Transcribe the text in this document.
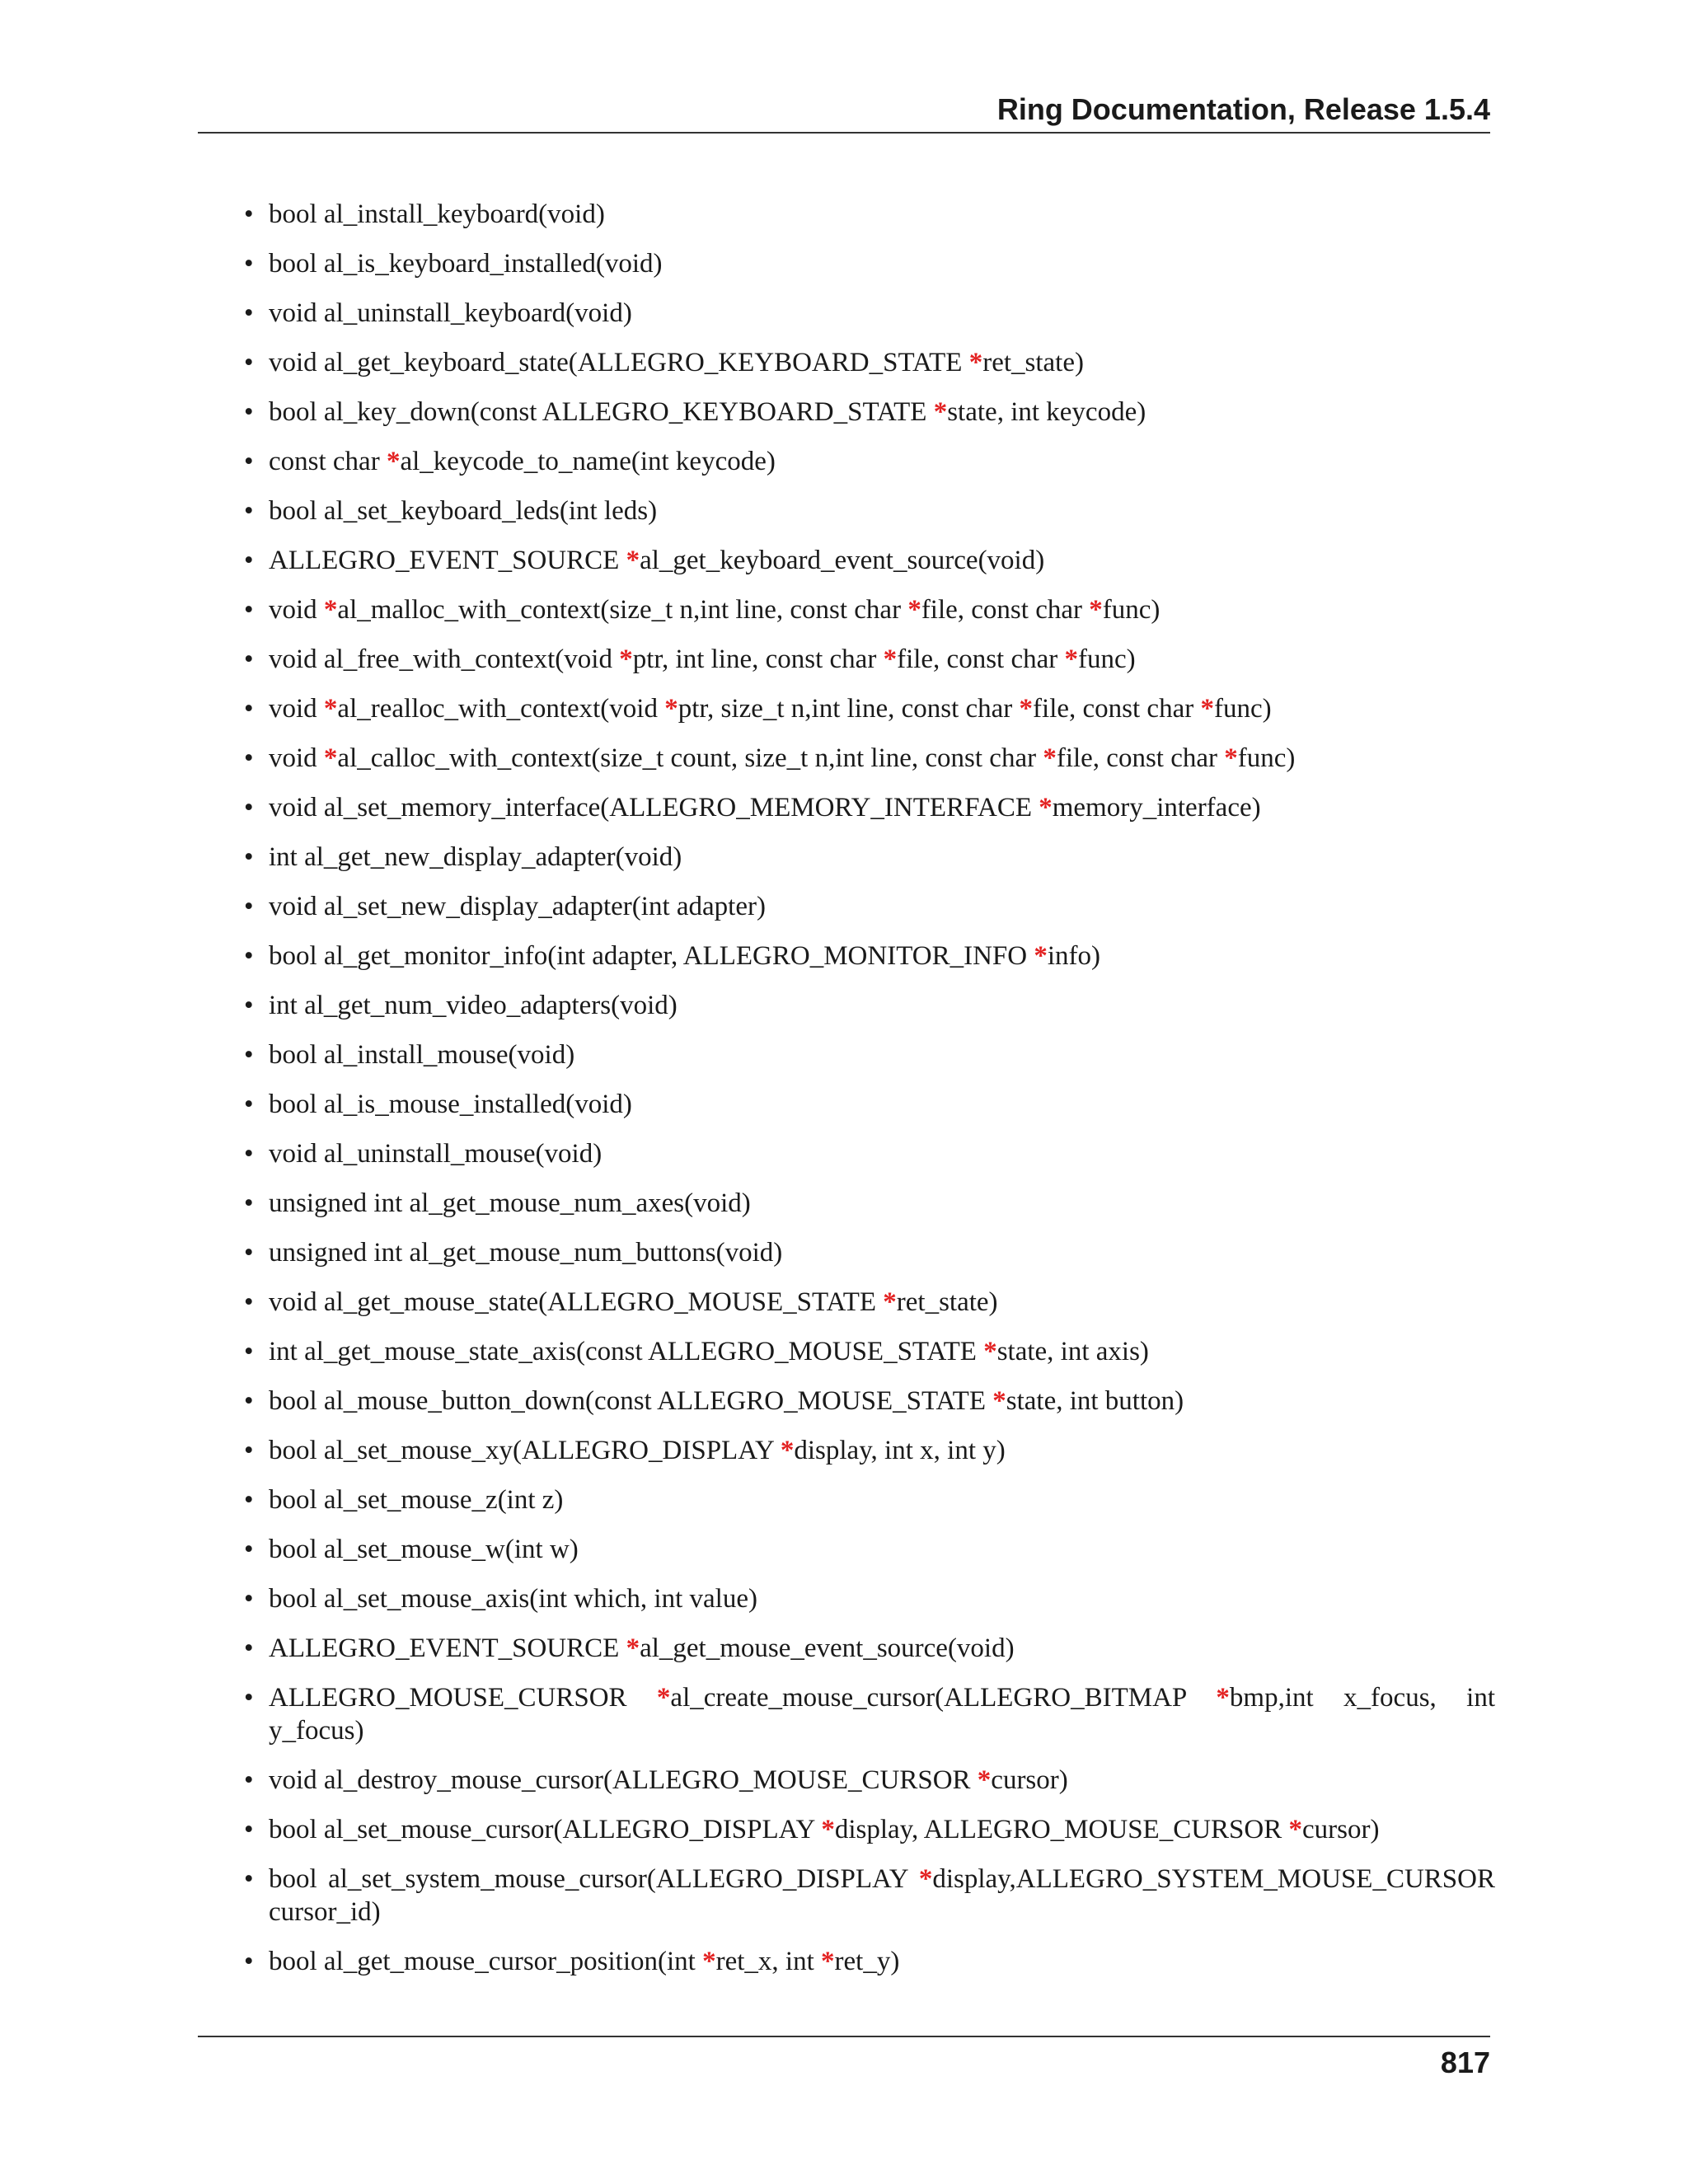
Ring Documentation, Release 1.5.4
• bool al_install_keyboard(void)
• bool al_is_keyboard_installed(void)
• void al_uninstall_keyboard(void)
• void al_get_keyboard_state(ALLEGRO_KEYBOARD_STATE *ret_state)
• bool al_key_down(const ALLEGRO_KEYBOARD_STATE *state, int keycode)
• const char *al_keycode_to_name(int keycode)
• bool al_set_keyboard_leds(int leds)
• ALLEGRO_EVENT_SOURCE *al_get_keyboard_event_source(void)
• void *al_malloc_with_context(size_t n,int line, const char *file, const char *func)
• void al_free_with_context(void *ptr, int line, const char *file, const char *func)
• void *al_realloc_with_context(void *ptr, size_t n,int line, const char *file, const char *func)
• void *al_calloc_with_context(size_t count, size_t n,int line, const char *file, const char *func)
• void al_set_memory_interface(ALLEGRO_MEMORY_INTERFACE *memory_interface)
• int al_get_new_display_adapter(void)
• void al_set_new_display_adapter(int adapter)
• bool al_get_monitor_info(int adapter, ALLEGRO_MONITOR_INFO *info)
• int al_get_num_video_adapters(void)
• bool al_install_mouse(void)
• bool al_is_mouse_installed(void)
• void al_uninstall_mouse(void)
• unsigned int al_get_mouse_num_axes(void)
• unsigned int al_get_mouse_num_buttons(void)
• void al_get_mouse_state(ALLEGRO_MOUSE_STATE *ret_state)
• int al_get_mouse_state_axis(const ALLEGRO_MOUSE_STATE *state, int axis)
• bool al_mouse_button_down(const ALLEGRO_MOUSE_STATE *state, int button)
• bool al_set_mouse_xy(ALLEGRO_DISPLAY *display, int x, int y)
• bool al_set_mouse_z(int z)
• bool al_set_mouse_w(int w)
• bool al_set_mouse_axis(int which, int value)
• ALLEGRO_EVENT_SOURCE *al_get_mouse_event_source(void)
• ALLEGRO_MOUSE_CURSOR *al_create_mouse_cursor(ALLEGRO_BITMAP *bmp,int x_focus, int y_focus)
• void al_destroy_mouse_cursor(ALLEGRO_MOUSE_CURSOR *cursor)
• bool al_set_mouse_cursor(ALLEGRO_DISPLAY *display, ALLEGRO_MOUSE_CURSOR *cursor)
• bool al_set_system_mouse_cursor(ALLEGRO_DISPLAY *display,ALLEGRO_SYSTEM_MOUSE_CURSOR cursor_id)
• bool al_get_mouse_cursor_position(int *ret_x, int *ret_y)
817
